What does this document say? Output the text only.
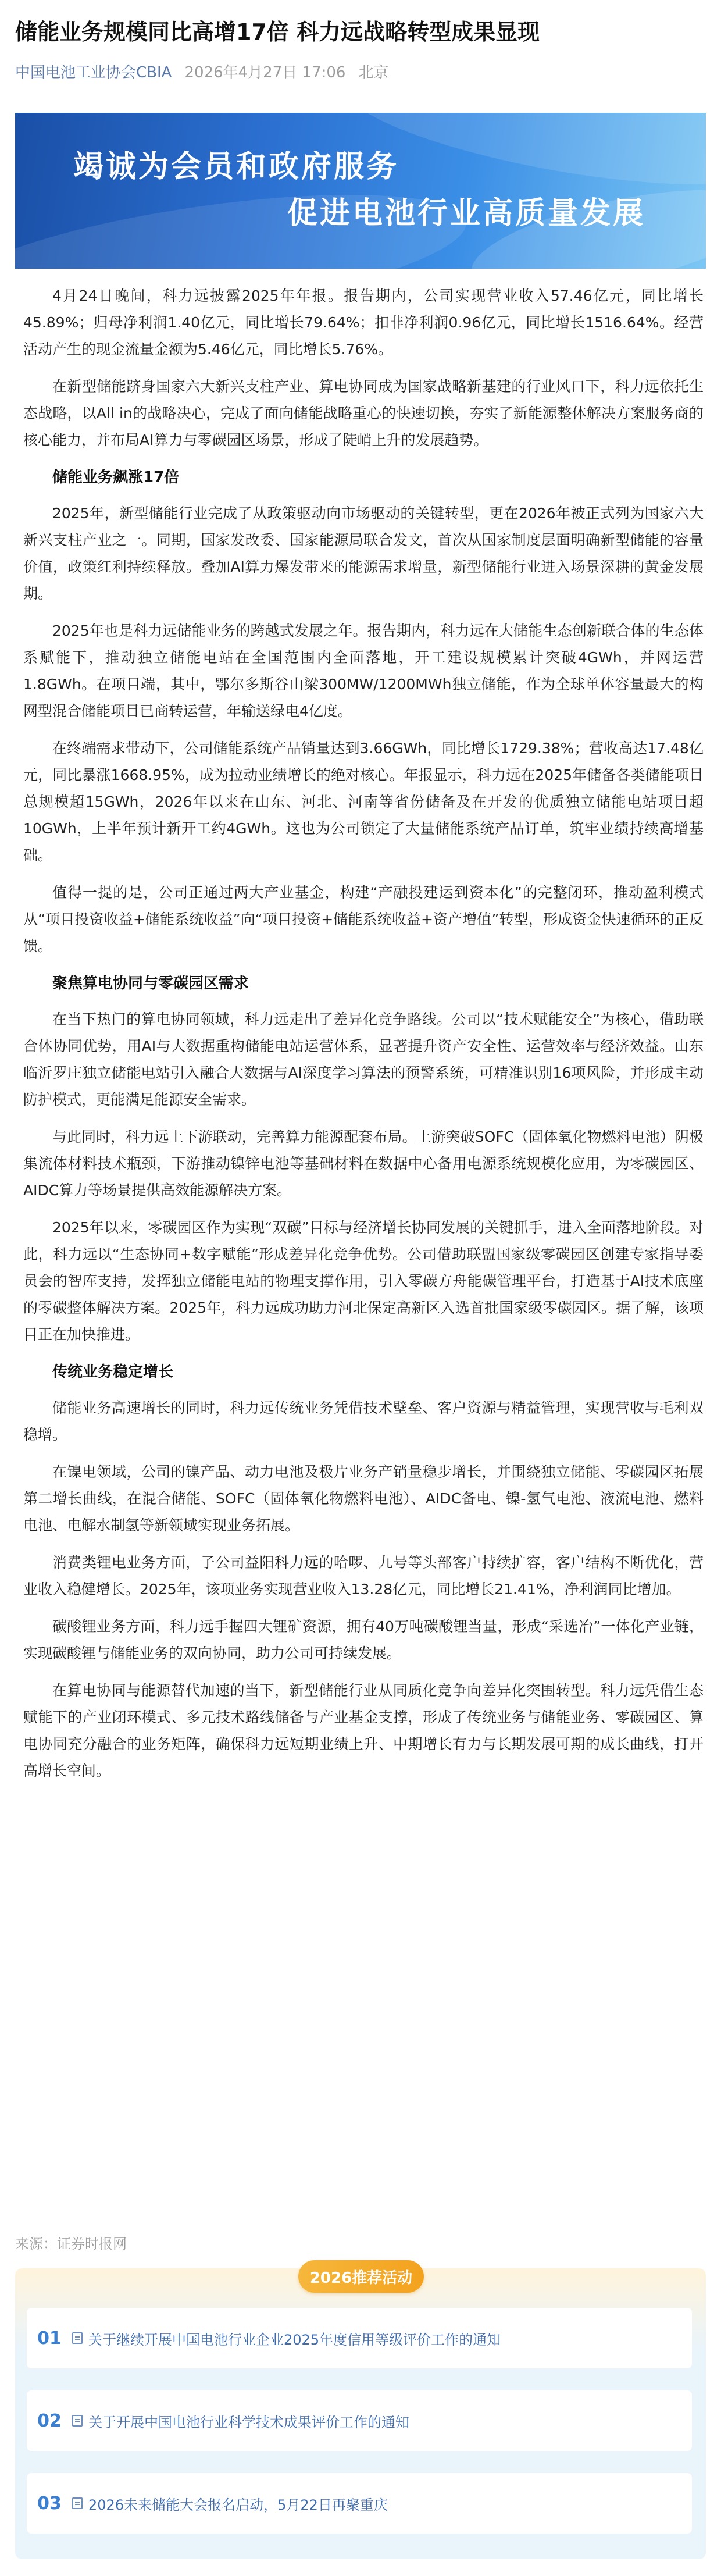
储能业务规模同比高增17倍 科力远战略转型成果显现
中国电池工业协会CBIA 2026年4月27日 17:06 北京
竭诚为会员和政府服务
促进电池行业高质量发展

4月24日晚间，科力远披露2025年年报。报告期内，公司实现营业收入57.46亿元，同比增长45.89%；归母净利润1.40亿元，同比增长79.64%；扣非净利润0.96亿元，同比增长1516.64%。经营活动产生的现金流量金额为5.46亿元，同比增长5.76%。

在新型储能跻身国家六大新兴支柱产业、算电协同成为国家战略新基建的行业风口下，科力远依托生态战略，以All in的战略决心，完成了面向储能战略重心的快速切换，夯实了新能源整体解决方案服务商的核心能力，并布局AI算力与零碳园区场景，形成了陡峭上升的发展趋势。

储能业务飙涨17倍

2025年，新型储能行业完成了从政策驱动向市场驱动的关键转型，更在2026年被正式列为国家六大新兴支柱产业之一。同期，国家发改委、国家能源局联合发文，首次从国家制度层面明确新型储能的容量价值，政策红利持续释放。叠加AI算力爆发带来的能源需求增量，新型储能行业进入场景深耕的黄金发展期。

2025年也是科力远储能业务的跨越式发展之年。报告期内，科力远在大储能生态创新联合体的生态体系赋能下，推动独立储能电站在全国范围内全面落地，开工建设规模累计突破4GWh，并网运营1.8GWh。在项目端，其中，鄂尔多斯谷山梁300MW/1200MWh独立储能，作为全球单体容量最大的构网型混合储能项目已商转运营，年输送绿电4亿度。

在终端需求带动下，公司储能系统产品销量达到3.66GWh，同比增长1729.38%；营收高达17.48亿元，同比暴涨1668.95%，成为拉动业绩增长的绝对核心。年报显示，科力远在2025年储备各类储能项目总规模超15GWh，2026年以来在山东、河北、河南等省份储备及在开发的优质独立储能电站项目超10GWh，上半年预计新开工约4GWh。这也为公司锁定了大量储能系统产品订单，筑牢业绩持续高增基础。

值得一提的是，公司正通过两大产业基金，构建“产融投建运到资本化”的完整闭环，推动盈利模式从“项目投资收益+储能系统收益”向“项目投资+储能系统收益+资产增值”转型，形成资金快速循环的正反馈。

聚焦算电协同与零碳园区需求

在当下热门的算电协同领域，科力远走出了差异化竞争路线。公司以“技术赋能安全”为核心，借助联合体协同优势，用AI与大数据重构储能电站运营体系，显著提升资产安全性、运营效率与经济效益。山东临沂罗庄独立储能电站引入融合大数据与AI深度学习算法的预警系统，可精准识别16项风险，并形成主动防护模式，更能满足能源安全需求。

与此同时，科力远上下游联动，完善算力能源配套布局。上游突破SOFC（固体氧化物燃料电池）阴极集流体材料技术瓶颈，下游推动镍锌电池等基础材料在数据中心备用电源系统规模化应用，为零碳园区、AIDC算力等场景提供高效能源解决方案。

2025年以来，零碳园区作为实现“双碳”目标与经济增长协同发展的关键抓手，进入全面落地阶段。对此，科力远以“生态协同+数字赋能”形成差异化竞争优势。公司借助联盟国家级零碳园区创建专家指导委员会的智库支持，发挥独立储能电站的物理支撑作用，引入零碳方舟能碳管理平台，打造基于AI技术底座的零碳整体解决方案。2025年，科力远成功助力河北保定高新区入选首批国家级零碳园区。据了解，该项目正在加快推进。

传统业务稳定增长

储能业务高速增长的同时，科力远传统业务凭借技术壁垒、客户资源与精益管理，实现营收与毛利双稳增。

在镍电领域，公司的镍产品、动力电池及极片业务产销量稳步增长，并围绕独立储能、零碳园区拓展第二增长曲线，在混合储能、SOFC（固体氧化物燃料电池）、AIDC备电、镍-氢气电池、液流电池、燃料电池、电解水制氢等新领域实现业务拓展。

消费类锂电业务方面，子公司益阳科力远的哈啰、九号等头部客户持续扩容，客户结构不断优化，营业收入稳健增长。2025年，该项业务实现营业收入13.28亿元，同比增长21.41%，净利润同比增加。

碳酸锂业务方面，科力远手握四大锂矿资源，拥有40万吨碳酸锂当量，形成“采选冶”一体化产业链，实现碳酸锂与储能业务的双向协同，助力公司可持续发展。

在算电协同与能源替代加速的当下，新型储能行业从同质化竞争向差异化突围转型。科力远凭借生态赋能下的产业闭环模式、多元技术路线储备与产业基金支撑，形成了传统业务与储能业务、零碳园区、算电协同充分融合的业务矩阵，确保科力远短期业绩上升、中期增长有力与长期发展可期的成长曲线，打开高增长空间。

来源：证券时报网
2026推荐活动
01	关于继续开展中国电池行业企业2025年度信用等级评价工作的通知
02	关于开展中国电池行业科学技术成果评价工作的通知
03	2026未来储能大会报名启动，5月22日再聚重庆
